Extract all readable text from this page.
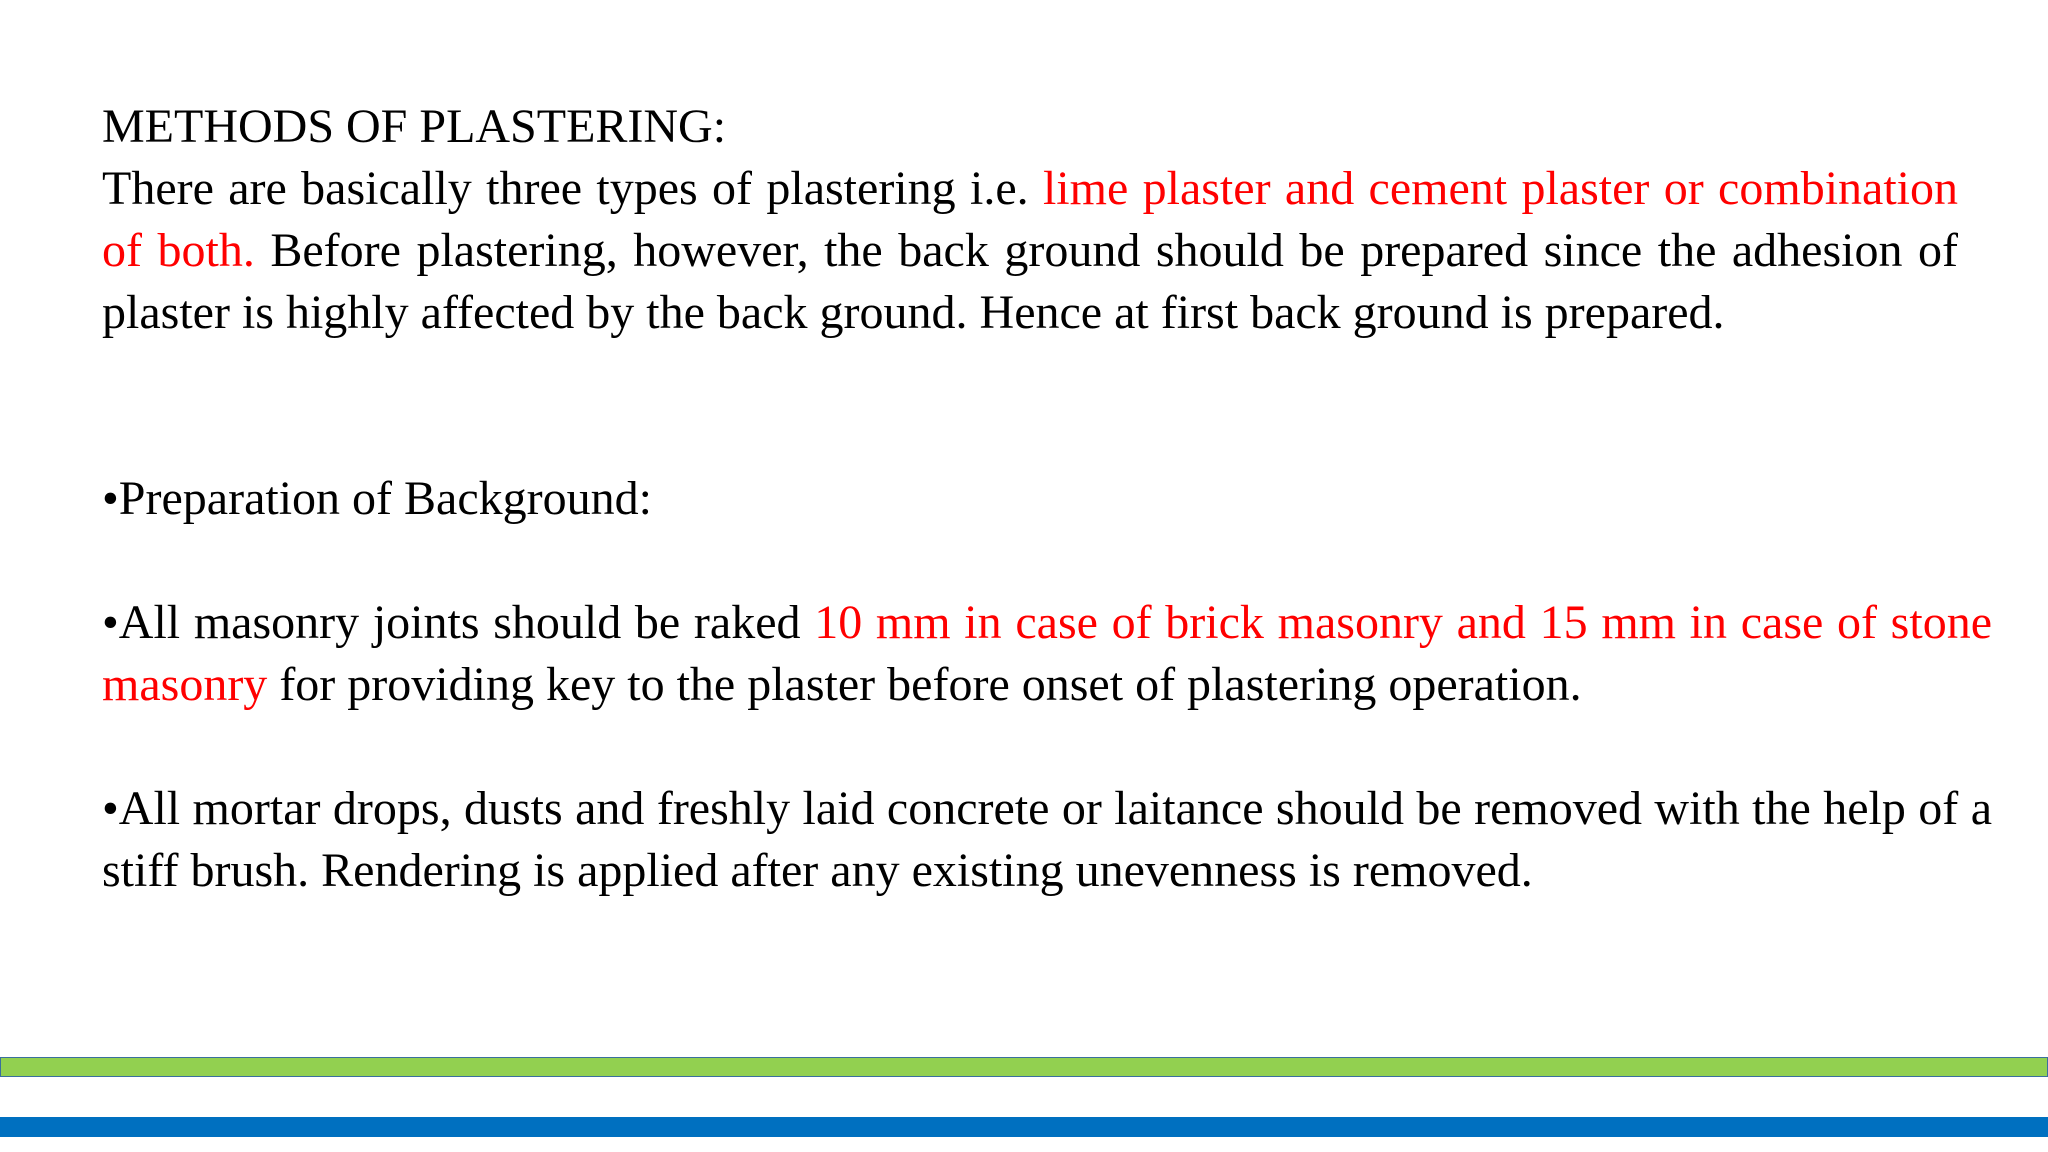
METHODS OF PLASTERING:

There are basically three types of plastering i.e. lime plaster and cement plaster or combination of both. Before plastering, however, the back ground should be prepared since the adhesion of plaster is highly affected by the back ground. Hence at first back ground is prepared.

•Preparation of Background:

•All masonry joints should be raked 10 mm in case of brick masonry and 15 mm in case of stone masonry for providing key to the plaster before onset of plastering operation.

•All mortar drops, dusts and freshly laid concrete or laitance should be removed with the help of a stiff brush. Rendering is applied after any existing unevenness is removed.
